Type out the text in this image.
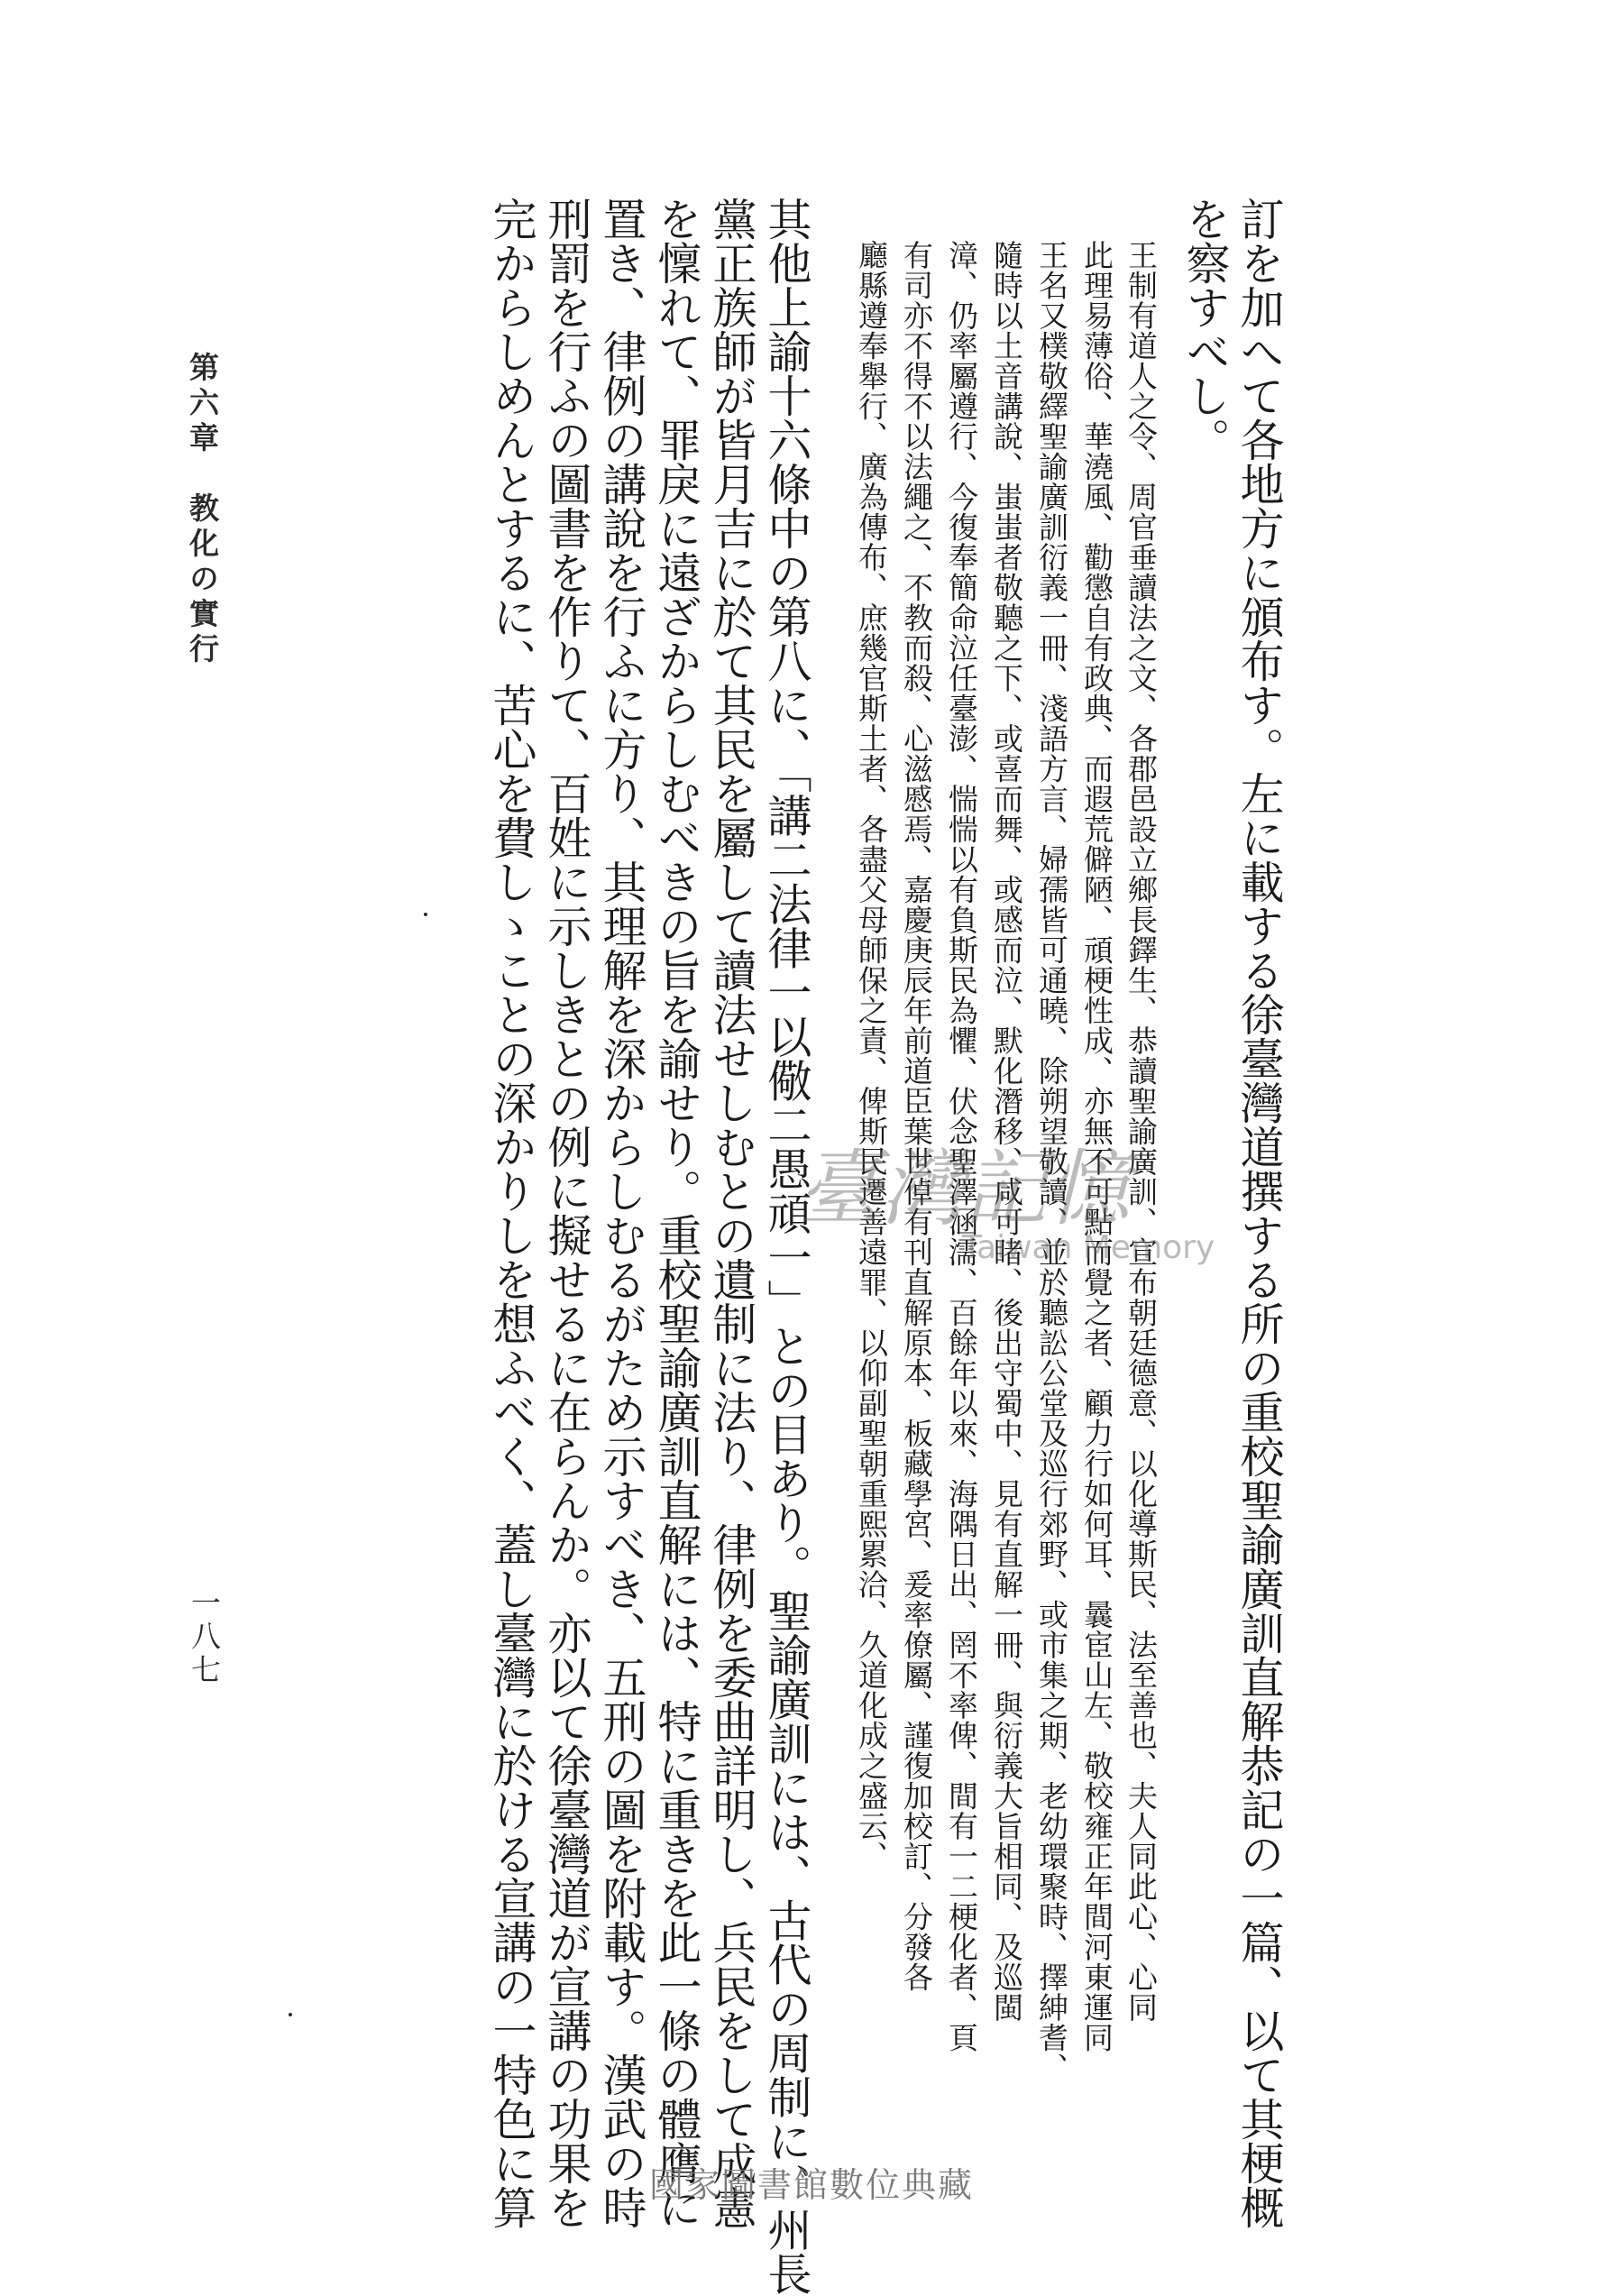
訂を加へて各地方に頒布す。左に載する徐臺灣道撰する所の重校聖諭廣訓直解恭記の一篇、以て其梗概
を察すべし。
王制有道人之令、周官垂讀法之文、各郡邑設立鄉長鐸生、恭讀聖諭廣訓、宣布朝廷德意、以化導斯民、法至善也、夫人同此心、心同
此理易薄俗、華澆風、勸懲自有政典、而遐荒僻陋、頑梗性成、亦無不可點而覺之者、顧力行如何耳、曩宦山左、敬校雍正年間河東運同
王名又樸敬繹聖諭廣訓衍義一冊、淺語方言、婦孺皆可通曉、除朔望敬讀、並於聽訟公堂及巡行郊野、或市集之期、老幼環聚時、擇紳耆、
隨時以土音講說、蚩蚩者敬聽之下、或喜而舞、或感而泣、默化潛移、咸可睹、後出守蜀中、見有直解一冊、與衍義大旨相同、及巡閩
漳、仍率屬遵行、今復奉簡命泣任臺澎、惴惴以有負斯民為懼、伏念聖澤涵濡、百餘年以來、海隅日出、罔不率俾、間有一二梗化者、頁
有司亦不得不以法繩之、不教而殺、心滋慼焉、嘉慶庚辰年前道臣葉世倬有刊直解原本、板藏學宮、爰率僚屬、謹復加校訂、分發各
廳縣遵奉舉行、廣為傳布、庶幾官斯土者、各盡父母師保之責、俾斯民遷善遠罪、以仰副聖朝重熙累洽、久道化成之盛云、
其他上諭十六條中の第八に、「講二法律一以儆二愚頑一」との目あり。聖諭廣訓には、古代の周制に、州長
黨正族師が皆月吉に於て其民を屬して讀法せしむとの遺制に法り、律例を委曲詳明し、兵民をして成憲
を懍れて、罪戾に遠ざからしむべきの旨を諭せり。重校聖諭廣訓直解には、特に重きを此一條の體膺に
置き、律例の講說を行ふに方り、其理解を深からしむるがため示すべき、五刑の圖を附載す。漢武の時
刑罰を行ふの圖書を作りて、百姓に示しきとの例に擬せるに在らんか。亦以て徐臺灣道が宣講の功果を
完からしめんとするに、苦心を費しゝことの深かりしを想ふべく、蓋し臺灣に於ける宣講の一特色に算
第六章　教化の實行
一八七
臺灣記憶
Taiwan Memory
國家圖書館數位典藏
